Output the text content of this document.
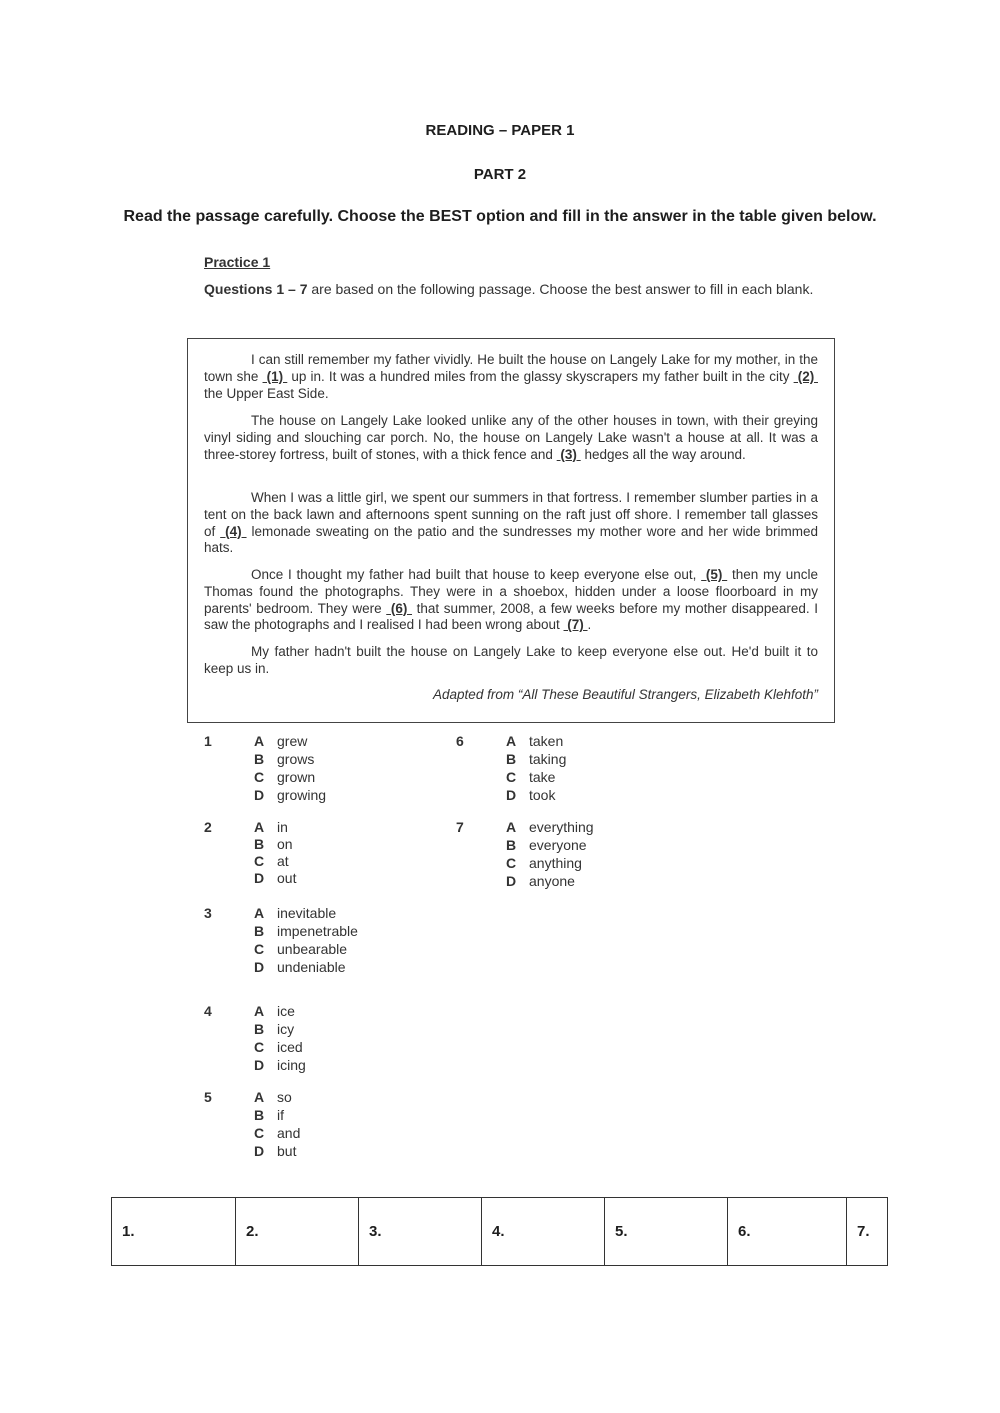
READING – PAPER 1
PART 2
Read the passage carefully. Choose the BEST option and fill in the answer in the table given below.
Practice 1
Questions 1 – 7 are based on the following passage. Choose the best answer to fill in each blank.

I can still remember my father vividly. He built the house on Langely Lake for my mother, in the town she  (1)  up in. It was a hundred miles from the glassy skyscrapers my father built in the city  (2)  the Upper East Side.

The house on Langely Lake looked unlike any of the other houses in town, with their greying vinyl siding and slouching car porch. No, the house on Langely Lake wasn't a house at all. It was a three-storey fortress, built of stones, with a thick fence and  (3)  hedges all the way around.

When I was a little girl, we spent our summers in that fortress. I remember slumber parties in a tent on the back lawn and afternoons spent sunning on the raft just off shore. I remember tall glasses of  (4)  lemonade sweating on the patio and the sundresses my mother wore and her wide brimmed hats.

Once I thought my father had built that house to keep everyone else out,  (5)  then my uncle Thomas found the photographs. They were in a shoebox, hidden under a loose floorboard in my parents' bedroom. They were  (6)  that summer, 2008, a few weeks before my mother disappeared. I saw the photographs and I realised I had been wrong about  (7) .

My father hadn't built the house on Langely Lake to keep everyone else out. He'd built it to keep us in.

Adapted from “All These Beautiful Strangers, Elizabeth Klehfoth”
1	A grew
B grows
C grown
D growing
2	A in
B on
C at
D out
3	A inevitable
B impenetrable
C unbearable
D undeniable
4	A ice
B icy
C iced
D icing
5	A so
B if
C and
D but
6	A taken
B taking
C take
D took
7	A everything
B everyone
C anything
D anyone
1.	2.	3.	4.	5.	6.	7.
